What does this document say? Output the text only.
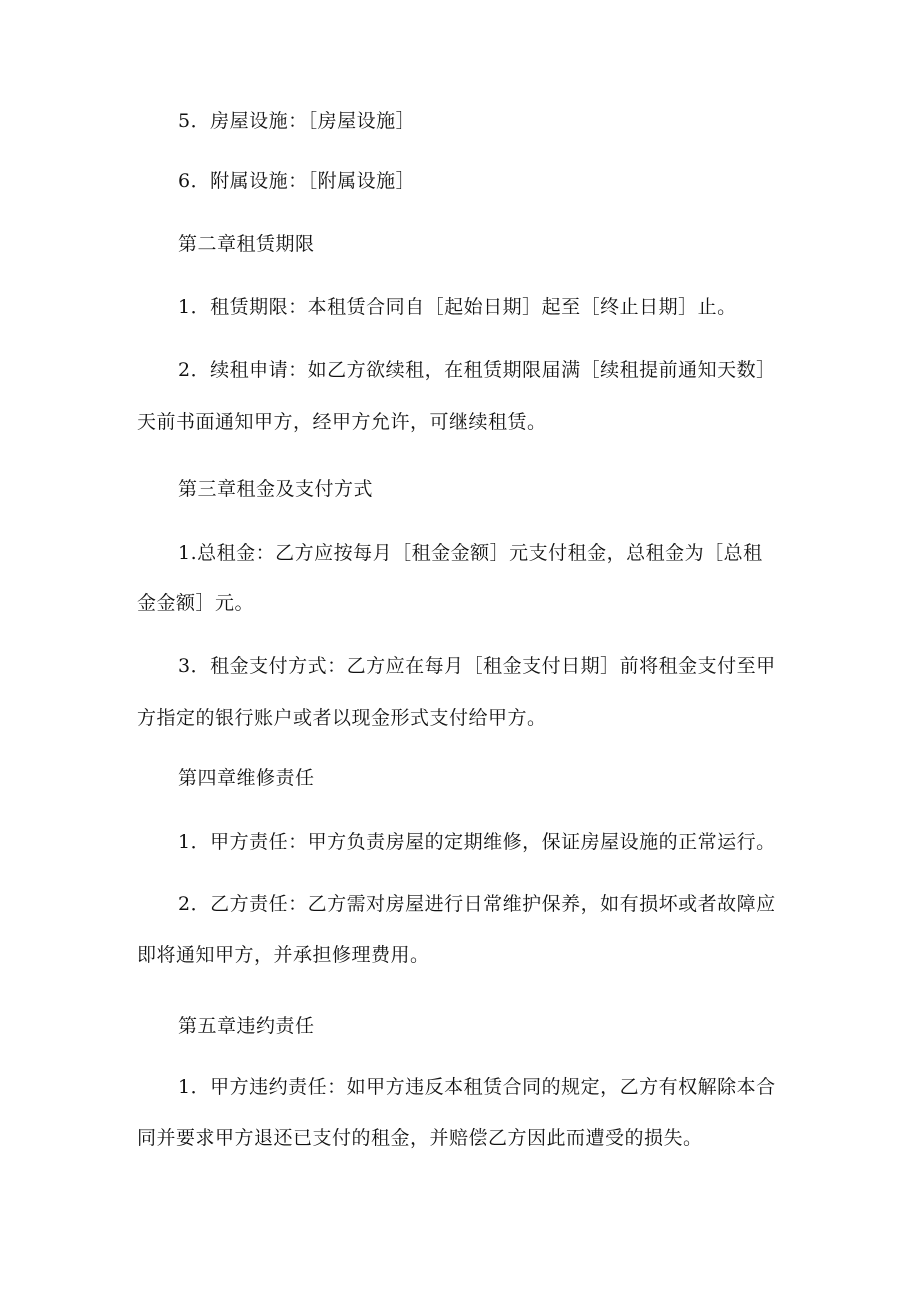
5．房屋设施：［房屋设施］
6．附属设施：［附属设施］
第二章租赁期限
1．租赁期限：本租赁合同自［起始日期］起至［终止日期］止。
2．续租申请：如乙方欲续租，在租赁期限届满［续租提前通知天数］
天前书面通知甲方，经甲方允许，可继续租赁。
第三章租金及支付方式
1.总租金：乙方应按每月［租金金额］元支付租金，总租金为［总租
金金额］元。
3．租金支付方式：乙方应在每月［租金支付日期］前将租金支付至甲
方指定的银行账户或者以现金形式支付给甲方。
第四章维修责任
1．甲方责任：甲方负责房屋的定期维修，保证房屋设施的正常运行。
2．乙方责任：乙方需对房屋进行日常维护保养，如有损坏或者故障应
即将通知甲方，并承担修理费用。
第五章违约责任
1．甲方违约责任：如甲方违反本租赁合同的规定，乙方有权解除本合
同并要求甲方退还已支付的租金，并赔偿乙方因此而遭受的损失。
